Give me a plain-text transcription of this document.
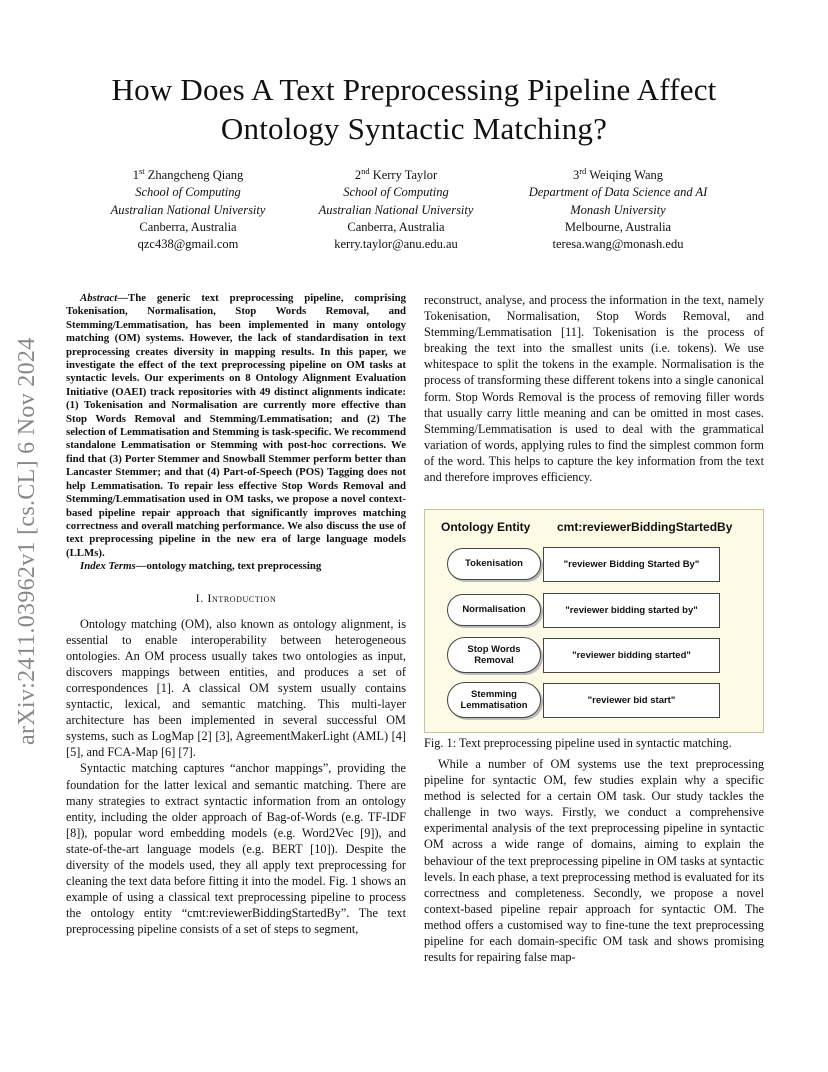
How Does A Text Preprocessing Pipeline Affect
Ontology Syntactic Matching?
1st Zhangcheng Qiang
School of Computing
Australian National University
Canberra, Australia
qzc438@gmail.com
2nd Kerry Taylor
School of Computing
Australian National University
Canberra, Australia
kerry.taylor@anu.edu.au
3rd Weiqing Wang
Department of Data Science and AI
Monash University
Melbourne, Australia
teresa.wang@monash.edu
arXiv:2411.03962v1 [cs.CL] 6 Nov 2024

Abstract—The generic text preprocessing pipeline, comprising Tokenisation, Normalisation, Stop Words Removal, and Stemming/Lemmatisation, has been implemented in many ontology matching (OM) systems. However, the lack of standardisation in text preprocessing creates diversity in mapping results. In this paper, we investigate the effect of the text preprocessing pipeline on OM tasks at syntactic levels. Our experiments on 8 Ontology Alignment Evaluation Initiative (OAEI) track repositories with 49 distinct alignments indicate: (1) Tokenisation and Normalisation are currently more effective than Stop Words Removal and Stemming/Lemmatisation; and (2) The selection of Lemmatisation and Stemming is task-specific. We recommend standalone Lemmatisation or Stemming with post-hoc corrections. We find that (3) Porter Stemmer and Snowball Stemmer perform better than Lancaster Stemmer; and that (4) Part-of-Speech (POS) Tagging does not help Lemmatisation. To repair less effective Stop Words Removal and Stemming/Lemmatisation used in OM tasks, we propose a novel context-based pipeline repair approach that significantly improves matching correctness and overall matching performance. We also discuss the use of text preprocessing pipeline in the new era of large language models (LLMs).

Index Terms—ontology matching, text preprocessing

I. Introduction

Ontology matching (OM), also known as ontology alignment, is essential to enable interoperability between heterogeneous ontologies. An OM process usually takes two ontologies as input, discovers mappings between entities, and produces a set of correspondences [1]. A classical OM system usually contains syntactic, lexical, and semantic matching. This multi-layer architecture has been implemented in several successful OM systems, such as LogMap [2] [3], AgreementMakerLight (AML) [4] [5], and FCA-Map [6] [7].

Syntactic matching captures “anchor mappings”, providing the foundation for the latter lexical and semantic matching. There are many strategies to extract syntactic information from an ontology entity, including the older approach of Bag-of-Words (e.g. TF-IDF [8]), popular word embedding models (e.g. Word2Vec [9]), and state-of-the-art language models (e.g. BERT [10]). Despite the diversity of the models used, they all apply text preprocessing for cleaning the text data before fitting it into the model. Fig. 1 shows an example of using a classical text preprocessing pipeline to process the ontology entity “cmt:reviewerBiddingStartedBy”. The text preprocessing pipeline consists of a set of steps to segment,

reconstruct, analyse, and process the information in the text, namely Tokenisation, Normalisation, Stop Words Removal, and Stemming/Lemmatisation [11]. Tokenisation is the process of breaking the text into the smallest units (i.e. tokens). We use whitespace to split the tokens in the example. Normalisation is the process of transforming these different tokens into a single canonical form. Stop Words Removal is the process of removing filler words that usually carry little meaning and can be omitted in most cases. Stemming/Lemmatisation is used to deal with the grammatical variation of words, applying rules to find the simplest common form of the word. This helps to capture the key information from the text and therefore improves efficiency.

Ontology Entity cmt:reviewerBiddingStartedBy
Tokenisation	"reviewer Bidding Started By"
Normalisation	"reviewer bidding started by"
Stop Words Removal	"reviewer bidding started"
Stemming Lemmatisation	"reviewer bid start"
Fig. 1: Text preprocessing pipeline used in syntactic matching.

While a number of OM systems use the text preprocessing pipeline for syntactic OM, few studies explain why a specific method is selected for a certain OM task. Our study tackles the challenge in two ways. Firstly, we conduct a comprehensive experimental analysis of the text preprocessing pipeline in syntactic OM across a wide range of domains, aiming to explain the behaviour of the text preprocessing pipeline in OM tasks at syntactic levels. In each phase, a text preprocessing method is evaluated for its correctness and completeness. Secondly, we propose a novel context-based pipeline repair approach for syntactic OM. The method offers a customised way to fine-tune the text preprocessing pipeline for each domain-specific OM task and shows promising results for repairing false map-
